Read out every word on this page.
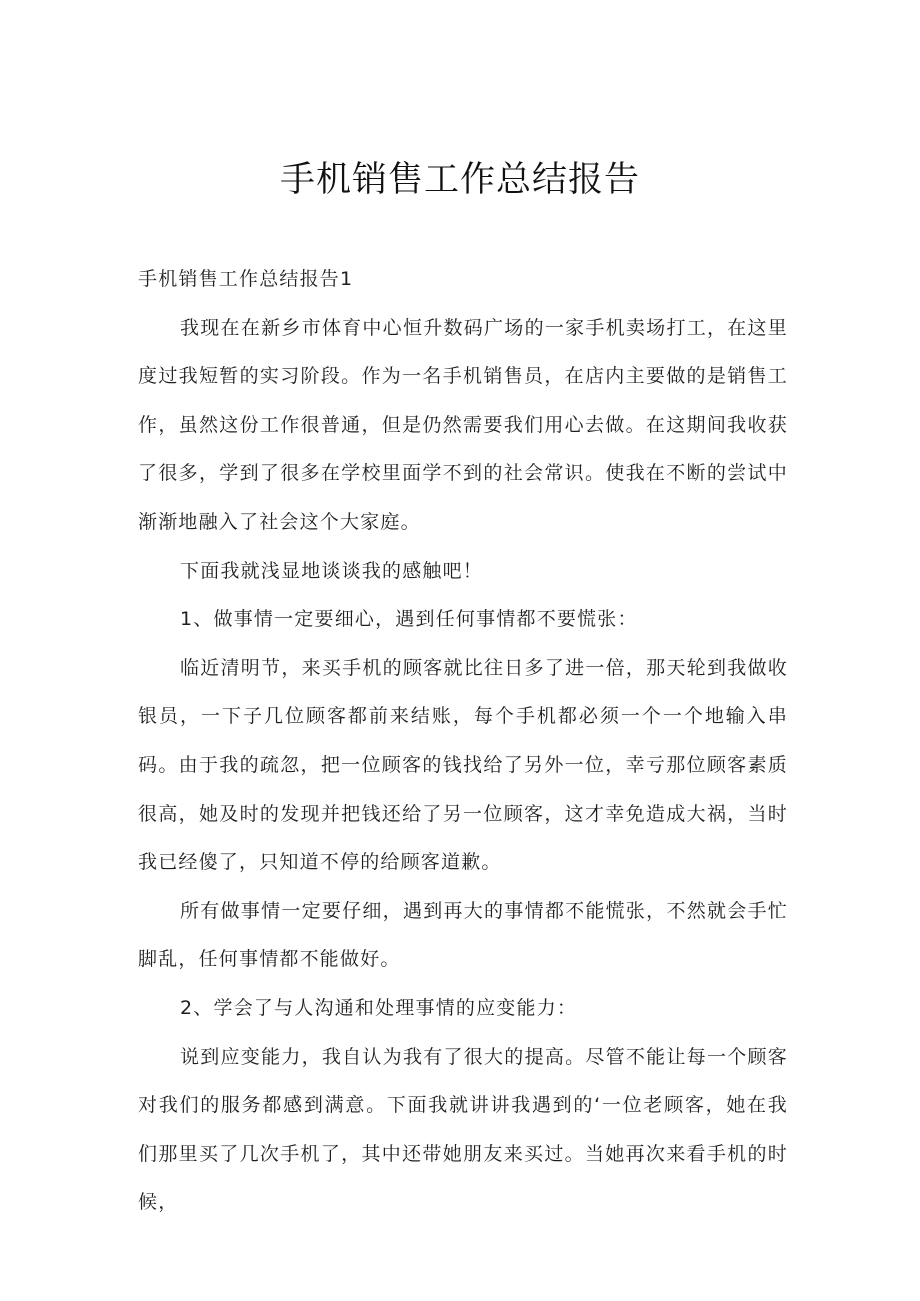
手机销售工作总结报告

手机销售工作总结报告1

我现在在新乡市体育中心恒升数码广场的一家手机卖场打工，在这里度过我短暂的实习阶段。作为一名手机销售员，在店内主要做的是销售工作，虽然这份工作很普通，但是仍然需要我们用心去做。在这期间我收获了很多，学到了很多在学校里面学不到的社会常识。使我在不断的尝试中渐渐地融入了社会这个大家庭。

下面我就浅显地谈谈我的感触吧！

1、做事情一定要细心，遇到任何事情都不要慌张：

临近清明节，来买手机的顾客就比往日多了进一倍，那天轮到我做收银员，一下子几位顾客都前来结账，每个手机都必须一个一个地输入串码。由于我的疏忽，把一位顾客的钱找给了另外一位，幸亏那位顾客素质很高，她及时的发现并把钱还给了另一位顾客，这才幸免造成大祸，当时我已经傻了，只知道不停的给顾客道歉。

所有做事情一定要仔细，遇到再大的事情都不能慌张，不然就会手忙脚乱，任何事情都不能做好。

2、学会了与人沟通和处理事情的应变能力：

说到应变能力，我自认为我有了很大的提高。尽管不能让每一个顾客对我们的服务都感到满意。下面我就讲讲我遇到的‘一位老顾客，她在我们那里买了几次手机了，其中还带她朋友来买过。当她再次来看手机的时候，
